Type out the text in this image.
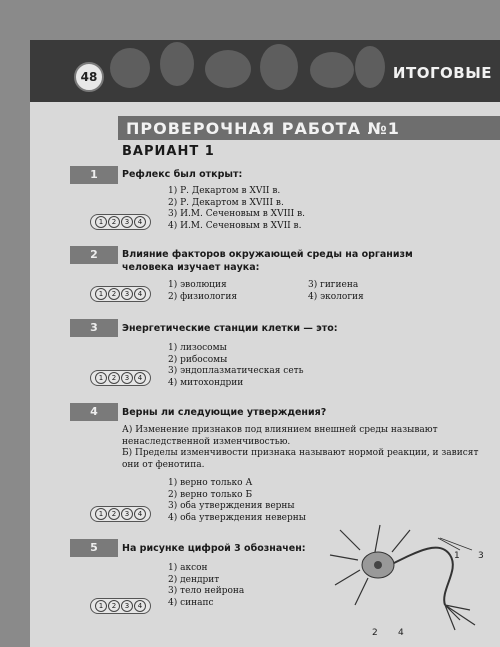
48	ИТОГОВЫЕ
ПРОВЕРОЧНАЯ РАБОТА №1
ВАРИАНТ 1
1	Рефлекс был открыт:
1) Р. Декартом в XVII в.
2) Р. Декартом в XVIII в.
3) И.М. Сеченовым в XVIII в.
4) И.М. Сеченовым в XVII в.
1	2	3	4
2	Влияние факторов окружающей среды на организм человека изучает наука:
1) эволюция
2) физиология
3) гигиена
4) экология
1	2	3	4
3	Энергетические станции клетки — это:
1) лизосомы
2) рибосомы
3) эндоплазматическая сеть
4) митохондрии
1	2	3	4
4	Верны ли следующие утверждения?
А) Изменение признаков под влиянием внешней среды называют ненаследственной изменчивостью.
Б) Пределы изменчивости признака называют нормой реакции, и зависят они от фенотипа.
1) верно только А
2) верно только Б
3) оба утверждения верны
4) оба утверждения неверны
1	2	3	4
5	На рисунке цифрой 3 обозначен:
1) аксон
2) дендрит
3) тело нейрона
4) синапс
1	2	3	4
1
2
3
4
